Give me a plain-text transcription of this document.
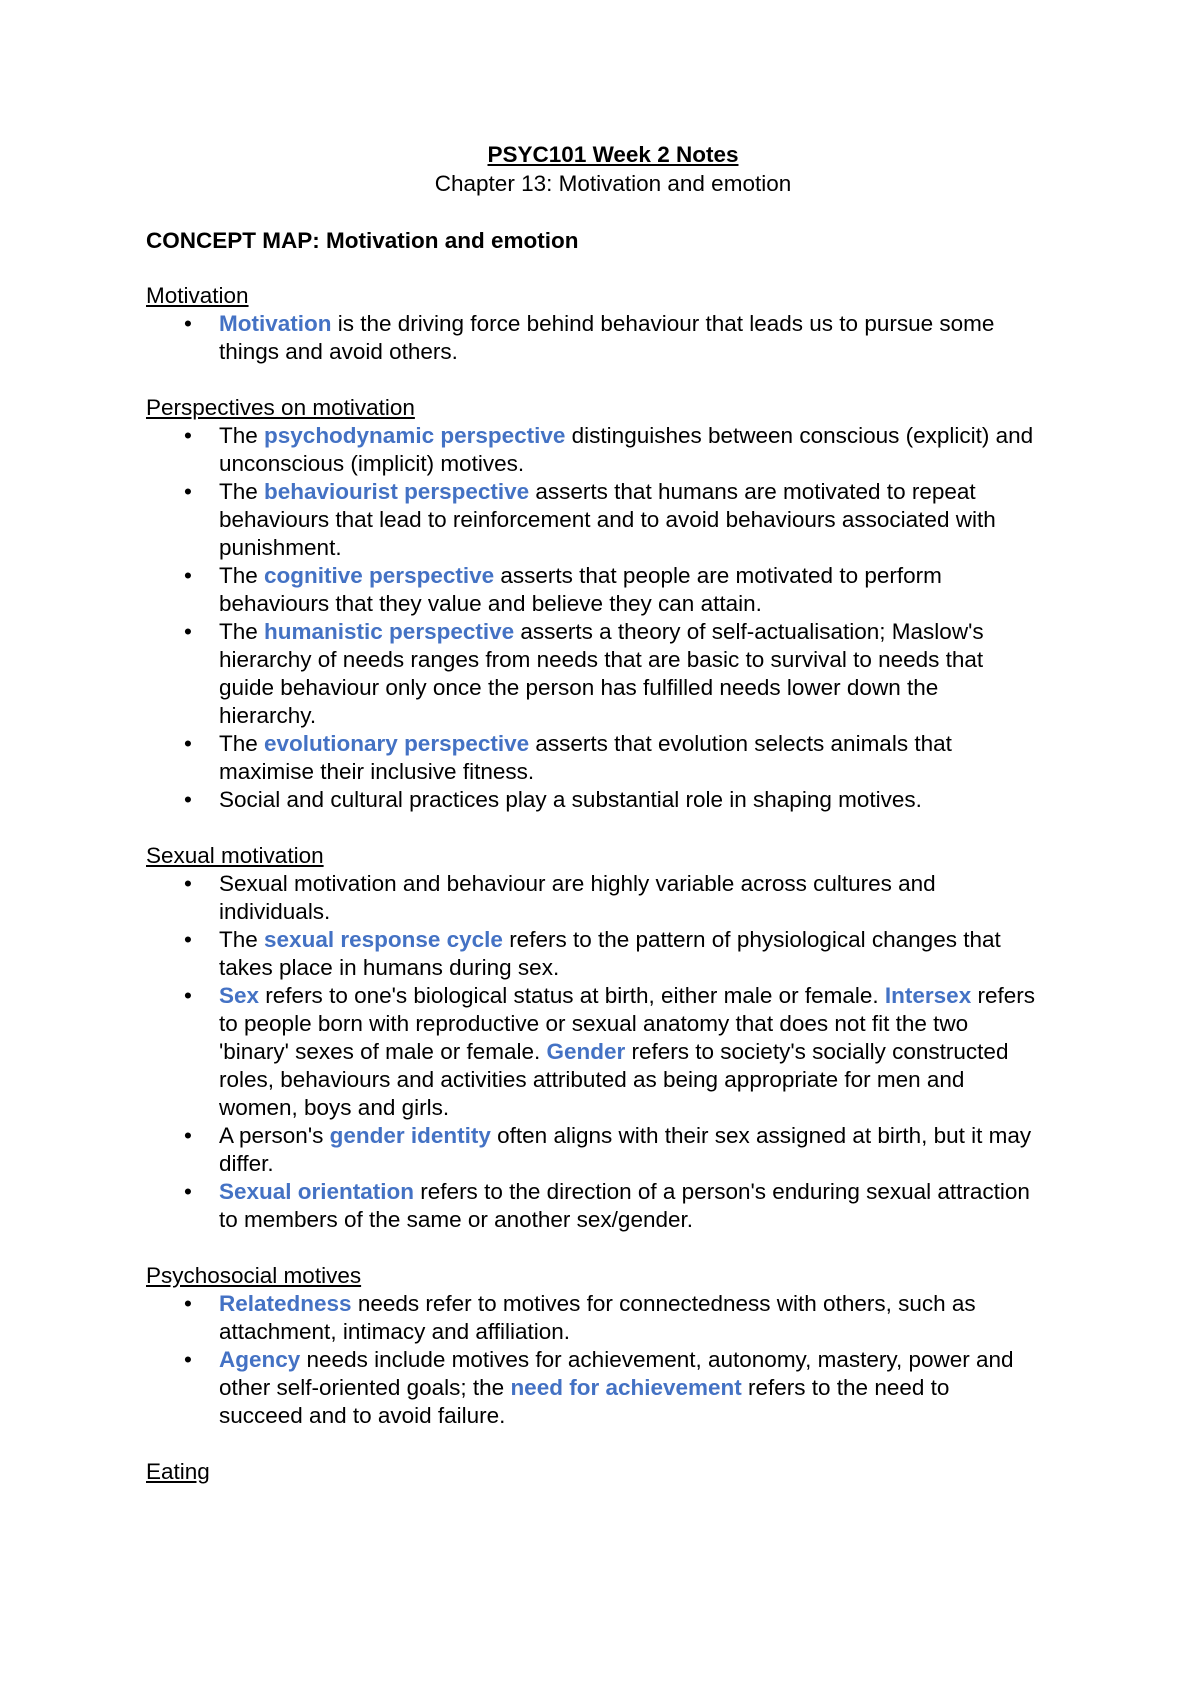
PSYC101 Week 2 Notes

Chapter 13: Motivation and emotion

CONCEPT MAP: Motivation and emotion

Motivation

• Motivation is the driving force behind behaviour that leads us to pursue some things and avoid others.

Perspectives on motivation

• The psychodynamic perspective distinguishes between conscious (explicit) and unconscious (implicit) motives.
• The behaviourist perspective asserts that humans are motivated to repeat behaviours that lead to reinforcement and to avoid behaviours associated with punishment.
• The cognitive perspective asserts that people are motivated to perform behaviours that they value and believe they can attain.
• The humanistic perspective asserts a theory of self-actualisation; Maslow's hierarchy of needs ranges from needs that are basic to survival to needs that guide behaviour only once the person has fulfilled needs lower down the hierarchy.
• The evolutionary perspective asserts that evolution selects animals that maximise their inclusive fitness.
• Social and cultural practices play a substantial role in shaping motives.

Sexual motivation

• Sexual motivation and behaviour are highly variable across cultures and individuals.
• The sexual response cycle refers to the pattern of physiological changes that takes place in humans during sex.
• Sex refers to one's biological status at birth, either male or female. Intersex refers to people born with reproductive or sexual anatomy that does not fit the two 'binary' sexes of male or female. Gender refers to society's socially constructed roles, behaviours and activities attributed as being appropriate for men and women, boys and girls.
• A person's gender identity often aligns with their sex assigned at birth, but it may differ.
• Sexual orientation refers to the direction of a person's enduring sexual attraction to members of the same or another sex/gender.

Psychosocial motives

• Relatedness needs refer to motives for connectedness with others, such as attachment, intimacy and affiliation.
• Agency needs include motives for achievement, autonomy, mastery, power and other self-oriented goals; the need for achievement refers to the need to succeed and to avoid failure.

Eating
